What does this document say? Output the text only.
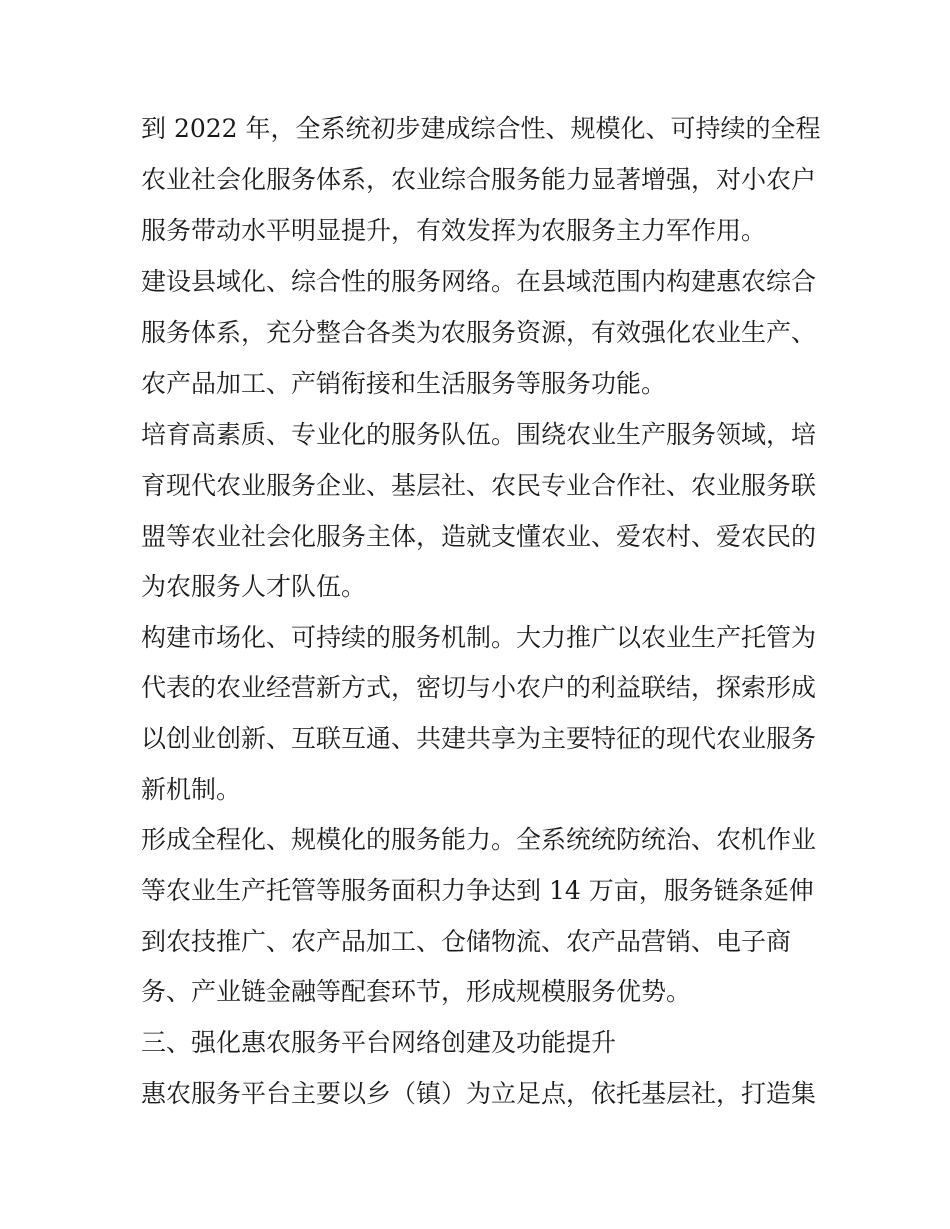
到 2022 年，全系统初步建成综合性、规模化、可持续的全程
农业社会化服务体系，农业综合服务能力显著增强，对小农户
服务带动水平明显提升，有效发挥为农服务主力军作用。
建设县域化、综合性的服务网络。在县域范围内构建惠农综合
服务体系，充分整合各类为农服务资源，有效强化农业生产、
农产品加工、产销衔接和生活服务等服务功能。
培育高素质、专业化的服务队伍。围绕农业生产服务领域，培
育现代农业服务企业、基层社、农民专业合作社、农业服务联
盟等农业社会化服务主体，造就支懂农业、爱农村、爱农民的
为农服务人才队伍。
构建市场化、可持续的服务机制。大力推广以农业生产托管为
代表的农业经营新方式，密切与小农户的利益联结，探索形成
以创业创新、互联互通、共建共享为主要特征的现代农业服务
新机制。
形成全程化、规模化的服务能力。全系统统防统治、农机作业
等农业生产托管等服务面积力争达到 14 万亩，服务链条延伸
到农技推广、农产品加工、仓储物流、农产品营销、电子商
务、产业链金融等配套环节，形成规模服务优势。
三、强化惠农服务平台网络创建及功能提升
惠农服务平台主要以乡（镇）为立足点，依托基层社，打造集
